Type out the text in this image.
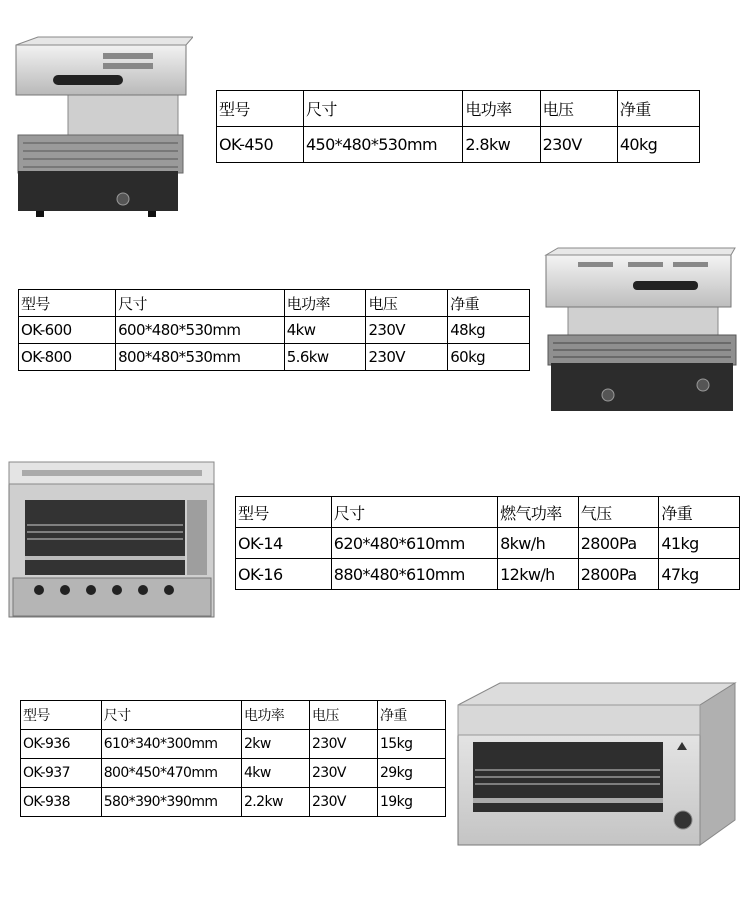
型号	尺寸	电功率	电压	净重
OK-450	450*480*530mm	2.8kw	230V	40kg
型号	尺寸	电功率	电压	净重
OK-600	600*480*530mm	4kw	230V	48kg
OK-800	800*480*530mm	5.6kw	230V	60kg
型号	尺寸	燃气功率	气压	净重
OK-14	620*480*610mm	8kw/h	2800Pa	41kg
OK-16	880*480*610mm	12kw/h	2800Pa	47kg
型号	尺寸	电功率	电压	净重
OK-936	610*340*300mm	2kw	230V	15kg
OK-937	800*450*470mm	4kw	230V	29kg
OK-938	580*390*390mm	2.2kw	230V	19kg
